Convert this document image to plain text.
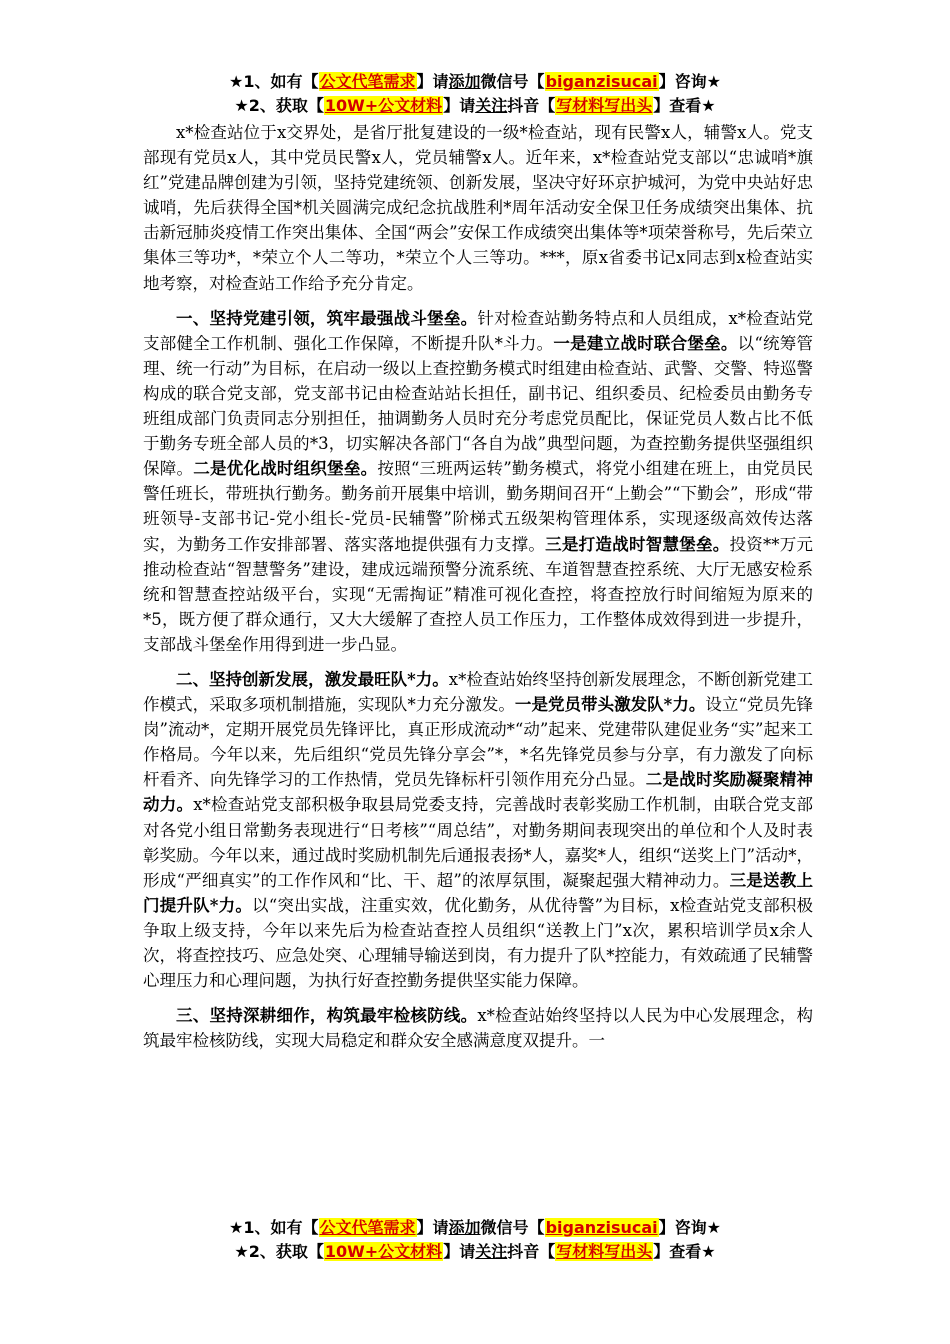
★1、如有【公文代笔需求】请添加微信号【biganzisucai】咨询★
★2、获取【10W+公文材料】请关注抖音【写材料写出头】查看★

x*检查站位于x交界处，是省厅批复建设的一级*检查站，现有民警x人，辅警x人。党支部现有党员x人，其中党员民警x人，党员辅警x人。近年来，x*检查站党支部以“忠诚哨*旗红”党建品牌创建为引领，坚持党建统领、创新发展，坚决守好环京护城河，为党中央站好忠诚哨，先后获得全国*机关圆满完成纪念抗战胜利*周年活动安全保卫任务成绩突出集体、抗击新冠肺炎疫情工作突出集体、全国“两会”安保工作成绩突出集体等*项荣誉称号，先后荣立集体三等功*，*荣立个人二等功，*荣立个人三等功。***，原x省委书记x同志到x检查站实地考察，对检查站工作给予充分肯定。

一、坚持党建引领，筑牢最强战斗堡垒。针对检查站勤务特点和人员组成，x*检查站党支部健全工作机制、强化工作保障，不断提升队*斗力。一是建立战时联合堡垒。以“统筹管理、统一行动”为目标，在启动一级以上查控勤务模式时组建由检查站、武警、交警、特巡警构成的联合党支部，党支部书记由检查站站长担任，副书记、组织委员、纪检委员由勤务专班组成部门负责同志分别担任，抽调勤务人员时充分考虑党员配比，保证党员人数占比不低于勤务专班全部人员的*3，切实解决各部门“各自为战”典型问题，为查控勤务提供坚强组织保障。二是优化战时组织堡垒。按照“三班两运转”勤务模式，将党小组建在班上，由党员民警任班长，带班执行勤务。勤务前开展集中培训，勤务期间召开“上勤会”“下勤会”，形成“带班领导-支部书记-党小组长-党员-民辅警”阶梯式五级架构管理体系，实现逐级高效传达落实，为勤务工作安排部署、落实落地提供强有力支撑。三是打造战时智慧堡垒。投资**万元推动检查站“智慧警务”建设，建成远端预警分流系统、车道智慧查控系统、大厅无感安检系统和智慧查控站级平台，实现“无需掏证”精准可视化查控，将查控放行时间缩短为原来的*5，既方便了群众通行，又大大缓解了查控人员工作压力，工作整体成效得到进一步提升，支部战斗堡垒作用得到进一步凸显。

二、坚持创新发展，激发最旺队*力。x*检查站始终坚持创新发展理念，不断创新党建工作模式，采取多项机制措施，实现队*力充分激发。一是党员带头激发队*力。设立“党员先锋岗”流动*，定期开展党员先锋评比，真正形成流动*“动”起来、党建带队建促业务“实”起来工作格局。今年以来，先后组织“党员先锋分享会”*，*名先锋党员参与分享，有力激发了向标杆看齐、向先锋学习的工作热情，党员先锋标杆引领作用充分凸显。二是战时奖励凝聚精神动力。x*检查站党支部积极争取县局党委支持，完善战时表彰奖励工作机制，由联合党支部对各党小组日常勤务表现进行“日考核”“周总结”，对勤务期间表现突出的单位和个人及时表彰奖励。今年以来，通过战时奖励机制先后通报表扬*人，嘉奖*人，组织“送奖上门”活动*，形成“严细真实”的工作作风和“比、干、超”的浓厚氛围，凝聚起强大精神动力。三是送教上门提升队*力。以“突出实战，注重实效，优化勤务，从优待警”为目标，x检查站党支部积极争取上级支持，今年以来先后为检查站查控人员组织“送教上门”x次，累积培训学员x余人次，将查控技巧、应急处突、心理辅导输送到岗，有力提升了队*控能力，有效疏通了民辅警心理压力和心理问题，为执行好查控勤务提供坚实能力保障。

三、坚持深耕细作，构筑最牢检核防线。x*检查站始终坚持以人民为中心发展理念，构筑最牢检核防线，实现大局稳定和群众安全感满意度双提升。一

★1、如有【公文代笔需求】请添加微信号【biganzisucai】咨询★
★2、获取【10W+公文材料】请关注抖音【写材料写出头】查看★
